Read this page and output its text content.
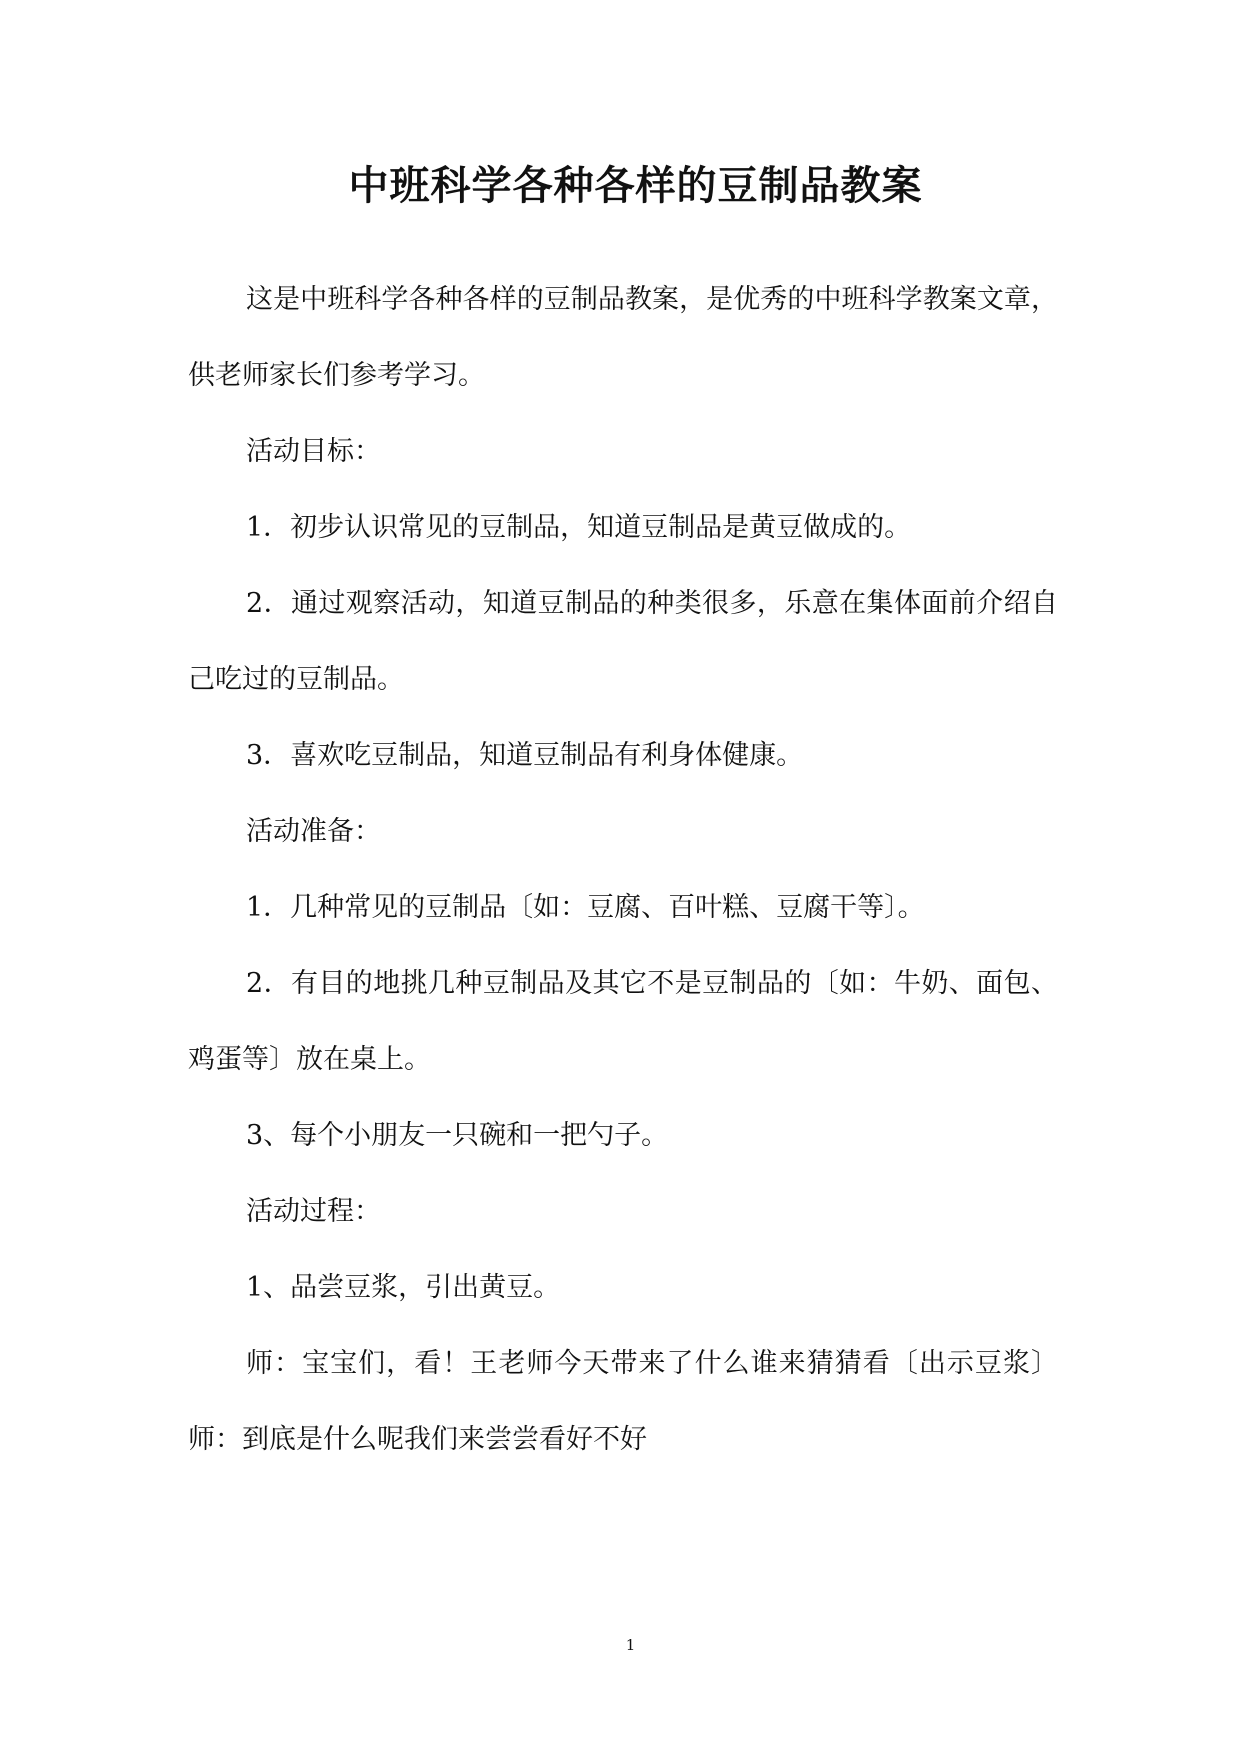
中班科学各种各样的豆制品教案

这是中班科学各种各样的豆制品教案，是优秀的中班科学教案文章，供老师家长们参考学习。

活动目标：

1．初步认识常见的豆制品，知道豆制品是黄豆做成的。

2．通过观察活动，知道豆制品的种类很多，乐意在集体面前介绍自己吃过的豆制品。

3．喜欢吃豆制品，知道豆制品有利身体健康。

活动准备：

1．几种常见的豆制品〔如：豆腐、百叶糕、豆腐干等〕。

2．有目的地挑几种豆制品及其它不是豆制品的〔如：牛奶、面包、鸡蛋等〕放在桌上。

3、每个小朋友一只碗和一把勺子。

活动过程：

1、品尝豆浆，引出黄豆。

师：宝宝们，看！王老师今天带来了什么谁来猜猜看〔出示豆浆〕师：到底是什么呢我们来尝尝看好不好

1
